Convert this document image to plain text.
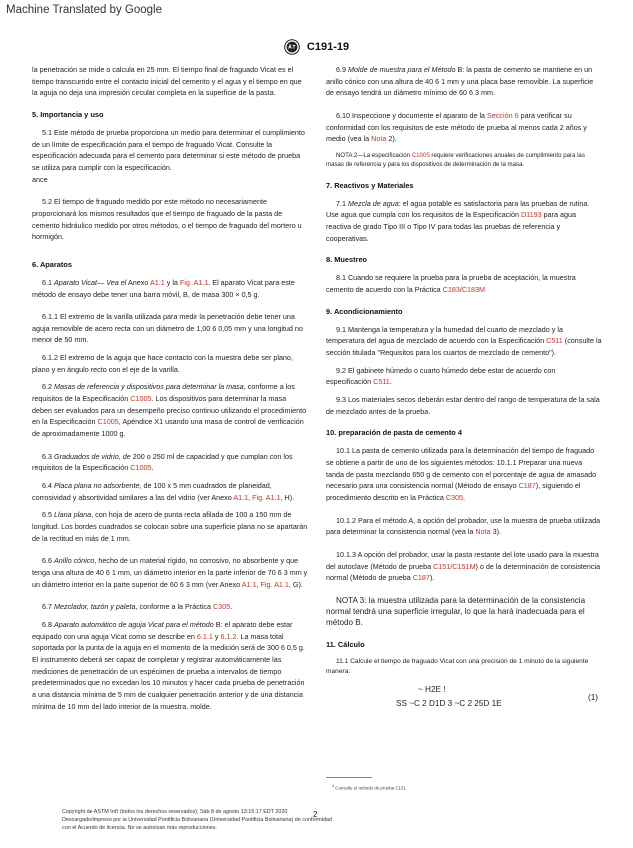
Machine Translated by Google
C191-19

la penetración se mide o calcula en 25 mm. El tiempo final de fraguado Vicat es el tiempo transcurrido entre el contacto inicial del cemento y el agua y el tiempo en que la aguja no deja una impresión circular completa en la superficie de la pasta.

5. Importancia y uso

5.1 Este método de prueba proporciona un medio para determinar el cumplimiento de un límite de especificación para el tiempo de fraguado Vicat. Consulte la especificación adecuada para el cemento para determinar si este método de prueba se utiliza para cumplir con la especificación.

ance

5.2 El tiempo de fraguado medido por este método no necesariamente proporcionará los mismos resultados que el tiempo de fraguado de la pasta de cemento hidráulico medido por otros métodos, o el tiempo de fraguado del mortero u hormigón.

6. Aparatos

6.1 Aparato Vicat— Vea el Anexo A1.1 y la Fig. A1.1. El aparato Vicat para este método de ensayo debe tener una barra móvil, B, de masa 300 × 0,5 g.

6.1.1 El extremo de la varilla utilizada para medir la penetración debe tener una aguja removible de acero recta con un diámetro de 1,00 6 0,05 mm y una longitud no menor de 50 mm.

6.1.2 El extremo de la aguja que hace contacto con la muestra debe ser plano, plano y en ángulo recto con el eje de la varilla.

6.2 Masas de referencia y dispositivos para determinar la masa, conforme a los requisitos de la Especificación C1005. Los dispositivos para determinar la masa deben ser evaluados para un desempeño preciso continuo utilizando el procedimiento en la Especificación C1005, Apéndice X1 usando una masa de control de verificación de aproximadamente 1000 g.

6.3 Graduados de vidrio, de 200 o 250 ml de capacidad y que cumplan con los requisitos de la Especificación C1005.

6.4 Placa plana no adsorbente, de 100 x 5 mm cuadrados de planeidad, corrosividad y absortividad similares a las del vidrio (ver Anexo A1.1, Fig. A1.1, H).

6.5 Llana plana, con hoja de acero de punta recta afilada de 100 a 150 mm de longitud. Los bordes cuadrados se colocan sobre una superficie plana no se apartarán de la rectitud en más de 1 mm.

6.6 Anillo cónico, hecho de un material rígido, no corrosivo, no absorbente y que tenga una altura de 40 6 1 mm, un diámetro interior en la parte inferior de 70 6 3 mm y un diámetro interior en la parte superior de 60 6 3 mm (ver Anexo A1.1, Fig. A1.1, G).

6.7 Mezclador, tazón y paleta, conforme a la Práctica C305.

6.8 Aparato automático de aguja Vicat para el método B: el aparato debe estar equipado con una aguja Vicat como se describe en 6.1.1 y 6.1.2. La masa total soportada por la punta de la aguja en el momento de la medición será de 300 6 0,5 g. El instrumento deberá ser capaz de completar y registrar automáticamente las mediciones de penetración de un espécimen de prueba a intervalos de tiempo predeterminados que no excedan los 10 minutos y hacer cada prueba de penetración a una distancia mínima de 5 mm de cualquier penetración anterior y de una distancia mínima de 10 mm del lado interior de la muestra. molde.

6.9 Molde de muestra para el Método B: la pasta de cemento se mantiene en un anillo cónico con una altura de 40 6 1 mm y una placa base removible. La superficie de ensayo tendrá un diámetro mínimo de 60 6 3 mm.

6.10 Inspeccione y documente el aparato de la Sección 6 para verificar su conformidad con los requisitos de este método de prueba al menos cada 2 años y medio (vea la Nota 2).

NOTA 2—La especificación C1005 requiere verificaciones anuales de cumplimiento para las masas de referencia y para los dispositivos de determinación de la masa.

7. Reactivos y Materiales

7.1 Mezcla de agua: el agua potable es satisfactoria para las pruebas de rutina. Use agua que cumpla con los requisitos de la Especificación D1193 para agua reactiva de grado Tipo III o Tipo IV para todas las pruebas de referencia y cooperativas.

8. Muestreo

8.1 Cuando se requiere la prueba para la prueba de aceptación, la muestra cemento de acuerdo con la Práctica C183/C183M

9. Acondicionamiento

9.1 Mantenga la temperatura y la humedad del cuarto de mezclado y la temperatura del agua de mezclado de acuerdo con la Especificación C511 (consulte la sección titulada "Requisitos para los cuartos de mezclado de cemento").

9.2 El gabinete húmedo o cuarto húmedo debe estar de acuerdo con especificación C511.

9.3 Los materiales secos deberán estar dentro del rango de temperatura de la sala de mezclado antes de la prueba.

10. preparación de pasta de cemento 4

10.1 La pasta de cemento utilizada para la determinación del tiempo de fraguado se obtiene a partir de uno de los siguientes métodos: 10.1.1 Preparar una nueva tanda de pasta mezclando 650 g de cemento con el porcentaje de agua de amasado necesario para una consistencia normal (Método de ensayo C187), siguiendo el procedimiento descrito en la Práctica C305.

10.1.2 Para el método A, a opción del probador, use la muestra de prueba utilizada para determinar la consistencia normal (vea la Nota 3).

10.1.3 A opción del probador, usar la pasta restante del lote usado para la muestra del autoclave (Método de prueba C151/C151M) o de la determinación de consistencia normal (Método de prueba C187).

NOTA 3: la muestra utilizada para la determinación de la consistencia normal tendrá una superficie irregular, lo que la hará inadecuada para el método B.

11. Cálculo

11.1 Calcule el tiempo de fraguado Vicat con una precisión de 1 minuto de la siguiente manera:

~ H2E !
SS ~C 2 D1D 3 ~C 2 25D 1E
(1)
$^4$ Consulte el método de prueba C151.
Copyright de ASTM Int'l (todos los derechos reservados); Sáb 8 de agosto 13:15:17 EDT 2020 Descargado/impreso por la Universidad Pontificia Bolivariana (Universidad Pontificia Bolivariana) de conformidad con el Acuerdo de licencia. No se autorizan más reproducciones.
2
